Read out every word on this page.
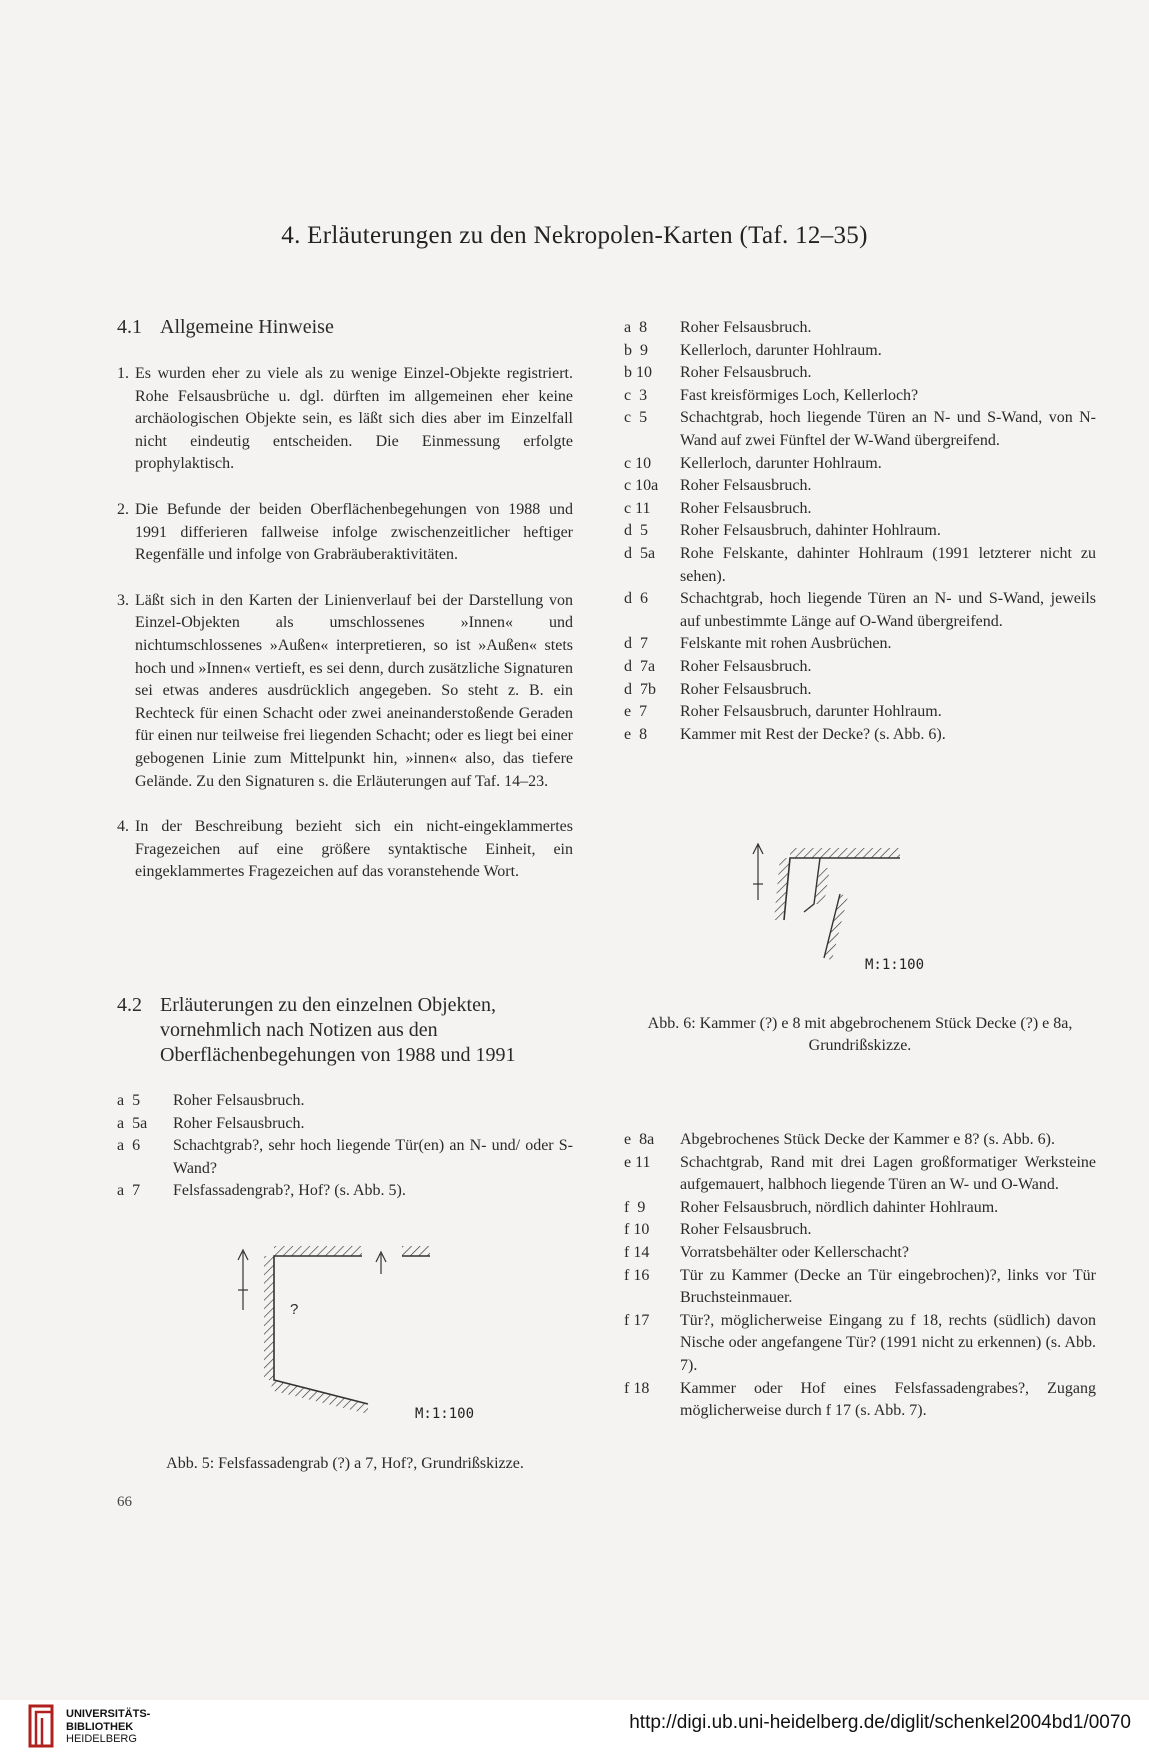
4. Erläuterungen zu den Nekropolen-Karten (Taf. 12–35)
4.1 Allgemeine Hinweise
1. Es wurden eher zu viele als zu wenige Einzel-Objekte registriert. Rohe Felsausbrüche u. dgl. dürften im allgemeinen eher keine archäologischen Objekte sein, es läßt sich dies aber im Einzelfall nicht eindeutig entscheiden. Die Einmessung erfolgte prophylaktisch.
2. Die Befunde der beiden Oberflächenbegehungen von 1988 und 1991 differieren fallweise infolge zwischenzeitlicher heftiger Regenfälle und infolge von Grabräuberaktivitäten.
3. Läßt sich in den Karten der Linienverlauf bei der Darstellung von Einzel-Objekten als umschlossenes »Innen« und nichtumschlossenes »Außen« interpretieren, so ist »Außen« stets hoch und »Innen« vertieft, es sei denn, durch zusätzliche Signaturen sei etwas anderes ausdrücklich angegeben. So steht z. B. ein Rechteck für einen Schacht oder zwei aneinanderstoßende Geraden für einen nur teilweise frei liegenden Schacht; oder es liegt bei einer gebogenen Linie zum Mittelpunkt hin, »innen« also, das tiefere Gelände. Zu den Signaturen s. die Erläuterungen auf Taf. 14–23.
4. In der Beschreibung bezieht sich ein nicht-eingeklammertes Fragezeichen auf eine größere syntaktische Einheit, ein eingeklammertes Fragezeichen auf das voranstehende Wort.
4.2 Erläuterungen zu den einzelnen Objekten, vornehmlich nach Notizen aus den Oberflächenbegehungen von 1988 und 1991
a  5	Roher Felsausbruch.
a  5a	Roher Felsausbruch.
a  6	Schachtgrab?, sehr hoch liegende Tür(en) an N- und/ oder S-Wand?
a  7	Felsfassadengrab?, Hof? (s. Abb. 5).
?
M:1:100
Abb. 5: Felsfassadengrab (?) a 7, Hof?, Grundrißskizze.
66
a  8	Roher Felsausbruch.
b  9	Kellerloch, darunter Hohlraum.
b 10	Roher Felsausbruch.
c  3	Fast kreisförmiges Loch, Kellerloch?
c  5	Schachtgrab, hoch liegende Türen an N- und S-Wand, von N-Wand auf zwei Fünftel der W-Wand übergreifend.
c 10	Kellerloch, darunter Hohlraum.
c 10a	Roher Felsausbruch.
c 11	Roher Felsausbruch.
d  5	Roher Felsausbruch, dahinter Hohlraum.
d  5a	Rohe Felskante, dahinter Hohlraum (1991 letzterer nicht zu sehen).
d  6	Schachtgrab, hoch liegende Türen an N- und S-Wand, jeweils auf unbestimmte Länge auf O-Wand übergreifend.
d  7	Felskante mit rohen Ausbrüchen.
d  7a	Roher Felsausbruch.
d  7b	Roher Felsausbruch.
e  7	Roher Felsausbruch, darunter Hohlraum.
e  8	Kammer mit Rest der Decke? (s. Abb. 6).
M:1:100
Abb. 6: Kammer (?) e 8 mit abgebrochenem Stück Decke (?) e 8a, Grundrißskizze.
e  8a	Abgebrochenes Stück Decke der Kammer e 8? (s. Abb. 6).
e 11	Schachtgrab, Rand mit drei Lagen großformatiger Werksteine aufgemauert, halbhoch liegende Türen an W- und O-Wand.
f  9	Roher Felsausbruch, nördlich dahinter Hohlraum.
f 10	Roher Felsausbruch.
f 14	Vorratsbehälter oder Kellerschacht?
f 16	Tür zu Kammer (Decke an Tür eingebrochen)?, links vor Tür Bruchsteinmauer.
f 17	Tür?, möglicherweise Eingang zu f 18, rechts (südlich) davon Nische oder angefangene Tür? (1991 nicht zu erkennen) (s. Abb. 7).
f 18	Kammer oder Hof eines Felsfassadengrabes?, Zugang möglicherweise durch f 17 (s. Abb. 7).
UNIVERSITÄTS-
BIBLIOTHEK
HEIDELBERG
http://digi.ub.uni-heidelberg.de/diglit/schenkel2004bd1/0070
